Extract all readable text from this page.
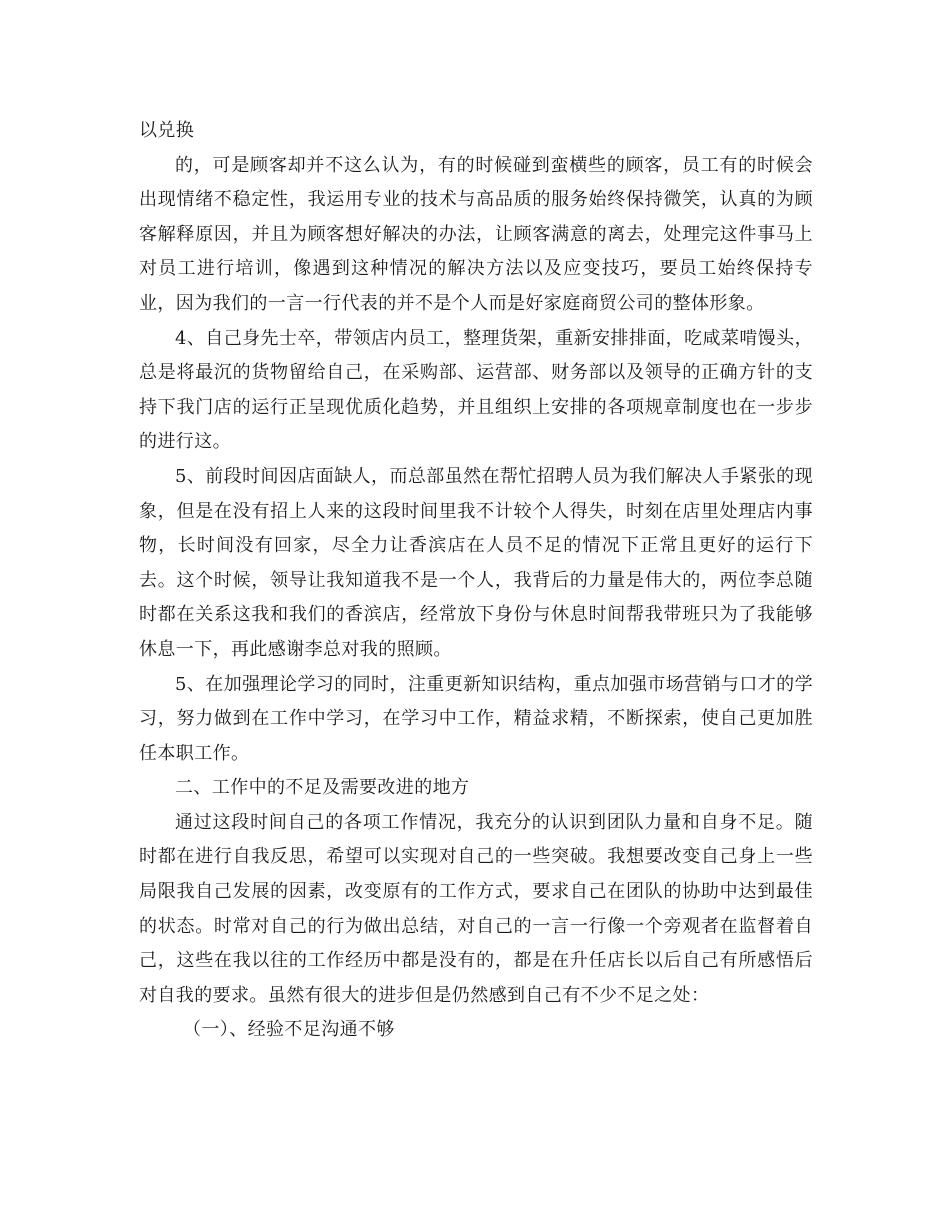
以兑换

的，可是顾客却并不这么认为，有的时候碰到蛮横些的顾客，员工有的时候会出现情绪不稳定性，我运用专业的技术与高品质的服务始终保持微笑，认真的为顾客解释原因，并且为顾客想好解决的办法，让顾客满意的离去，处理完这件事马上对员工进行培训，像遇到这种情况的解决方法以及应变技巧，要员工始终保持专业，因为我们的一言一行代表的并不是个人而是好家庭商贸公司的整体形象。

4、自己身先士卒，带领店内员工，整理货架，重新安排排面，吃咸菜啃馒头，总是将最沉的货物留给自己，在采购部、运营部、财务部以及领导的正确方针的支持下我门店的运行正呈现优质化趋势，并且组织上安排的各项规章制度也在一步步的进行这。

5、前段时间因店面缺人，而总部虽然在帮忙招聘人员为我们解决人手紧张的现象，但是在没有招上人来的这段时间里我不计较个人得失，时刻在店里处理店内事物，长时间没有回家，尽全力让香滨店在人员不足的情况下正常且更好的运行下去。这个时候，领导让我知道我不是一个人，我背后的力量是伟大的，两位李总随时都在关系这我和我们的香滨店，经常放下身份与休息时间帮我带班只为了我能够休息一下，再此感谢李总对我的照顾。

5、在加强理论学习的同时，注重更新知识结构，重点加强市场营销与口才的学习，努力做到在工作中学习，在学习中工作，精益求精，不断探索，使自己更加胜任本职工作。

二、工作中的不足及需要改进的地方

通过这段时间自己的各项工作情况，我充分的认识到团队力量和自身不足。随时都在进行自我反思，希望可以实现对自己的一些突破。我想要改变自己身上一些局限我自己发展的因素，改变原有的工作方式，要求自己在团队的协助中达到最佳的状态。时常对自己的行为做出总结，对自己的一言一行像一个旁观者在监督着自己，这些在我以往的工作经历中都是没有的，都是在升任店长以后自己有所感悟后对自我的要求。虽然有很大的进步但是仍然感到自己有不少不足之处：

（一）、经验不足沟通不够
